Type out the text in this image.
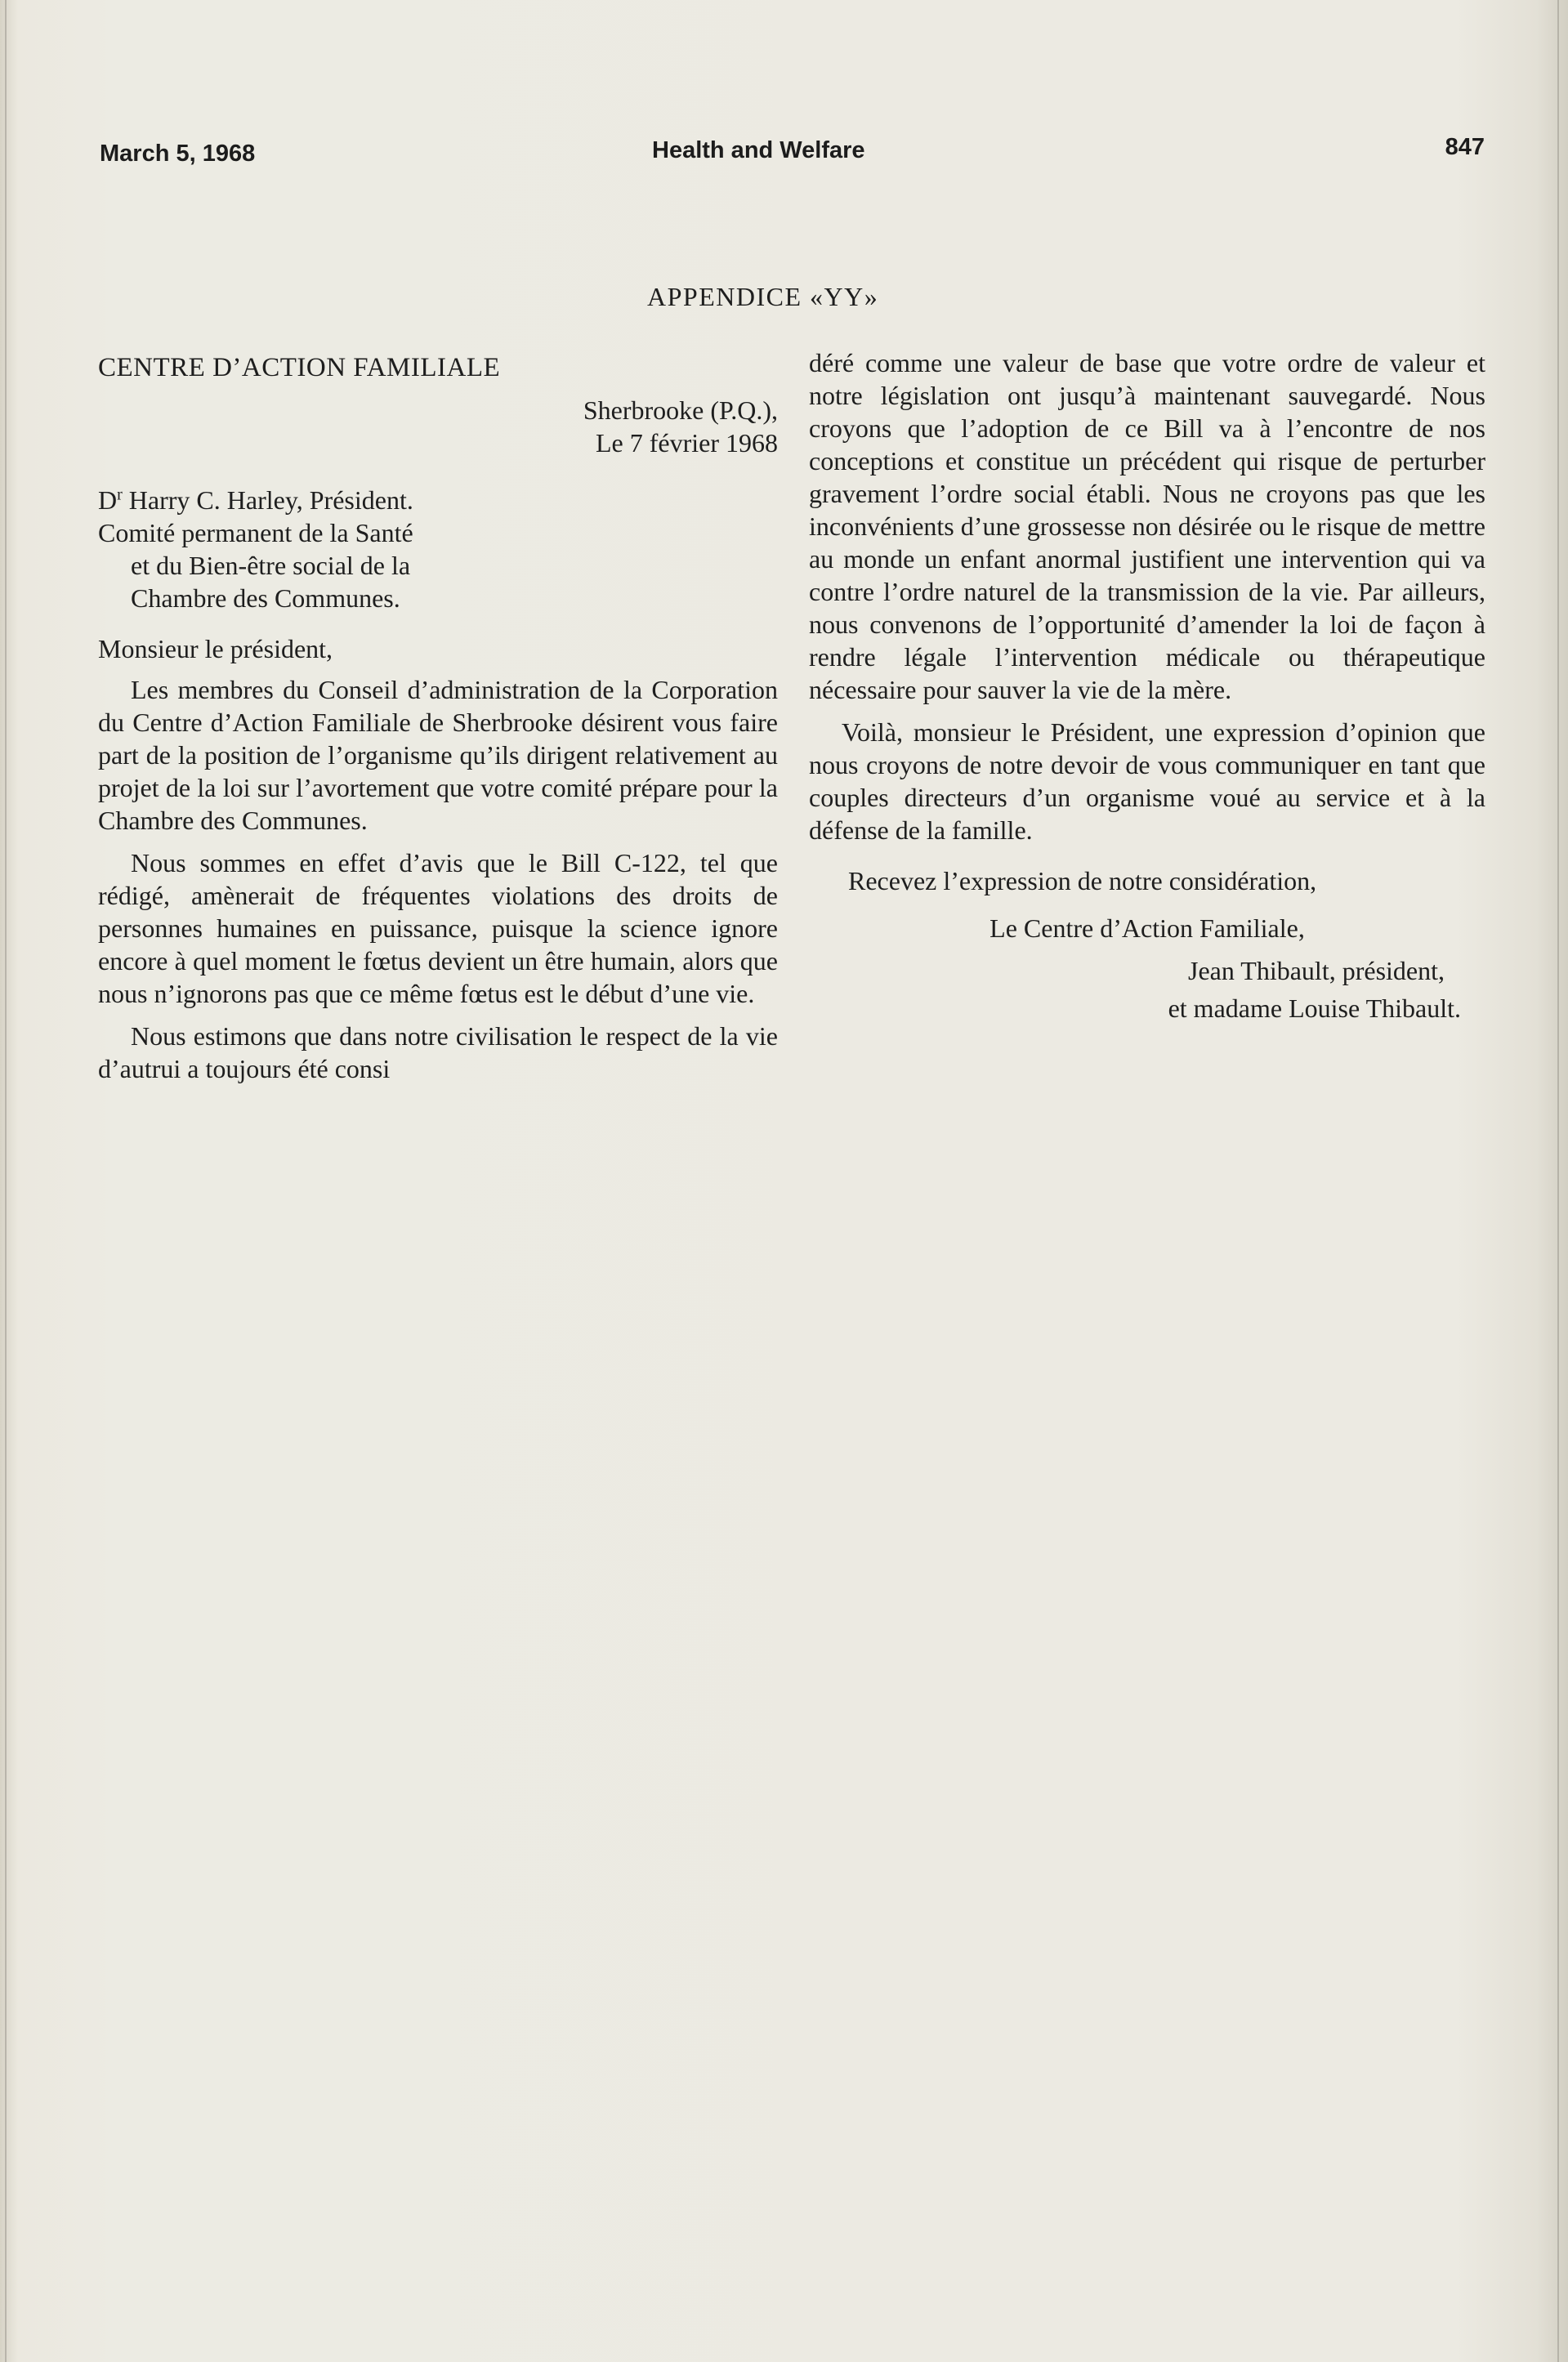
March 5, 1968	Health and Welfare	847
APPENDICE «YY»

CENTRE D’ACTION FAMILIALE

Sherbrooke (P.Q.),

Le 7 février 1968

$D^r$ Harry C. Harley, Président.

Comité permanent de la Santé

et du Bien-être social de la

Chambre des Communes.

Monsieur le président,

Les membres du Conseil d’administration de la Corporation du Centre d’Action Familiale de Sherbrooke désirent vous faire part de la position de l’organisme qu’ils dirigent relativement au projet de la loi sur l’avortement que votre comité prépare pour la Chambre des Communes.

Nous sommes en effet d’avis que le Bill C-122, tel que rédigé, amènerait de fréquentes violations des droits de personnes humaines en puissance, puisque la science ignore encore à quel moment le fœtus devient un être humain, alors que nous n’ignorons pas que ce même fœtus est le début d’une vie.

Nous estimons que dans notre civilisation le respect de la vie d’autrui a toujours été consi

déré comme une valeur de base que votre ordre de valeur et notre législation ont jusqu’à maintenant sauvegardé. Nous croyons que l’adoption de ce Bill va à l’encontre de nos conceptions et constitue un précédent qui risque de perturber gravement l’ordre social établi. Nous ne croyons pas que les inconvénients d’une grossesse non désirée ou le risque de mettre au monde un enfant anormal justifient une intervention qui va contre l’ordre naturel de la transmission de la vie. Par ailleurs, nous convenons de l’opportunité d’amender la loi de façon à rendre légale l’intervention médicale ou thérapeutique nécessaire pour sauver la vie de la mère.

Voilà, monsieur le Président, une expression d’opinion que nous croyons de notre devoir de vous communiquer en tant que couples directeurs d’un organisme voué au service et à la défense de la famille.

Recevez l’expression de notre considération,

Le Centre d’Action Familiale,

Jean Thibault, président,

et madame Louise Thibault.
